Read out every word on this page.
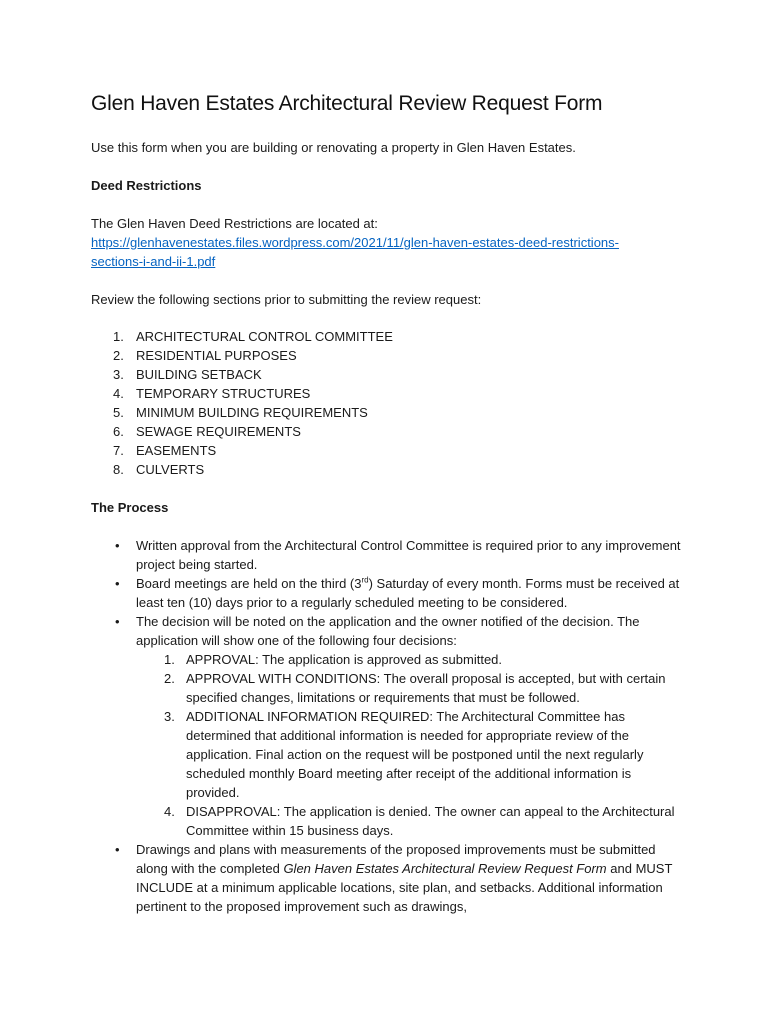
Glen Haven Estates Architectural Review Request Form

Use this form when you are building or renovating a property in Glen Haven Estates.

Deed Restrictions

The Glen Haven Deed Restrictions are located at:

https://glenhavenestates.files.wordpress.com/2021/11/glen-haven-estates-deed-restrictions-
sections-i-and-ii-1.pdf

Review the following sections prior to submitting the review request:

1. ARCHITECTURAL CONTROL COMMITTEE
2. RESIDENTIAL PURPOSES
3. BUILDING SETBACK
4. TEMPORARY STRUCTURES
5. MINIMUM BUILDING REQUIREMENTS
6. SEWAGE REQUIREMENTS
7. EASEMENTS
8. CULVERTS

The Process

• Written approval from the Architectural Control Committee is required prior to any improvement project being started.
• Board meetings are held on the third (3rd) Saturday of every month. Forms must be received at least ten (10) days prior to a regularly scheduled meeting to be considered.
• The decision will be noted on the application and the owner notified of the decision. The application will show one of the following four decisions:
1. APPROVAL: The application is approved as submitted.
2. APPROVAL WITH CONDITIONS: The overall proposal is accepted, but with certain specified changes, limitations or requirements that must be followed.
3. ADDITIONAL INFORMATION REQUIRED: The Architectural Committee has determined that additional information is needed for appropriate review of the application. Final action on the request will be postponed until the next regularly scheduled monthly Board meeting after receipt of the additional information is provided.
4. DISAPPROVAL: The application is denied. The owner can appeal to the Architectural Committee within 15 business days.
• Drawings and plans with measurements of the proposed improvements must be submitted along with the completed Glen Haven Estates Architectural Review Request Form and MUST INCLUDE at a minimum applicable locations, site plan, and setbacks. Additional information pertinent to the proposed improvement such as drawings,
